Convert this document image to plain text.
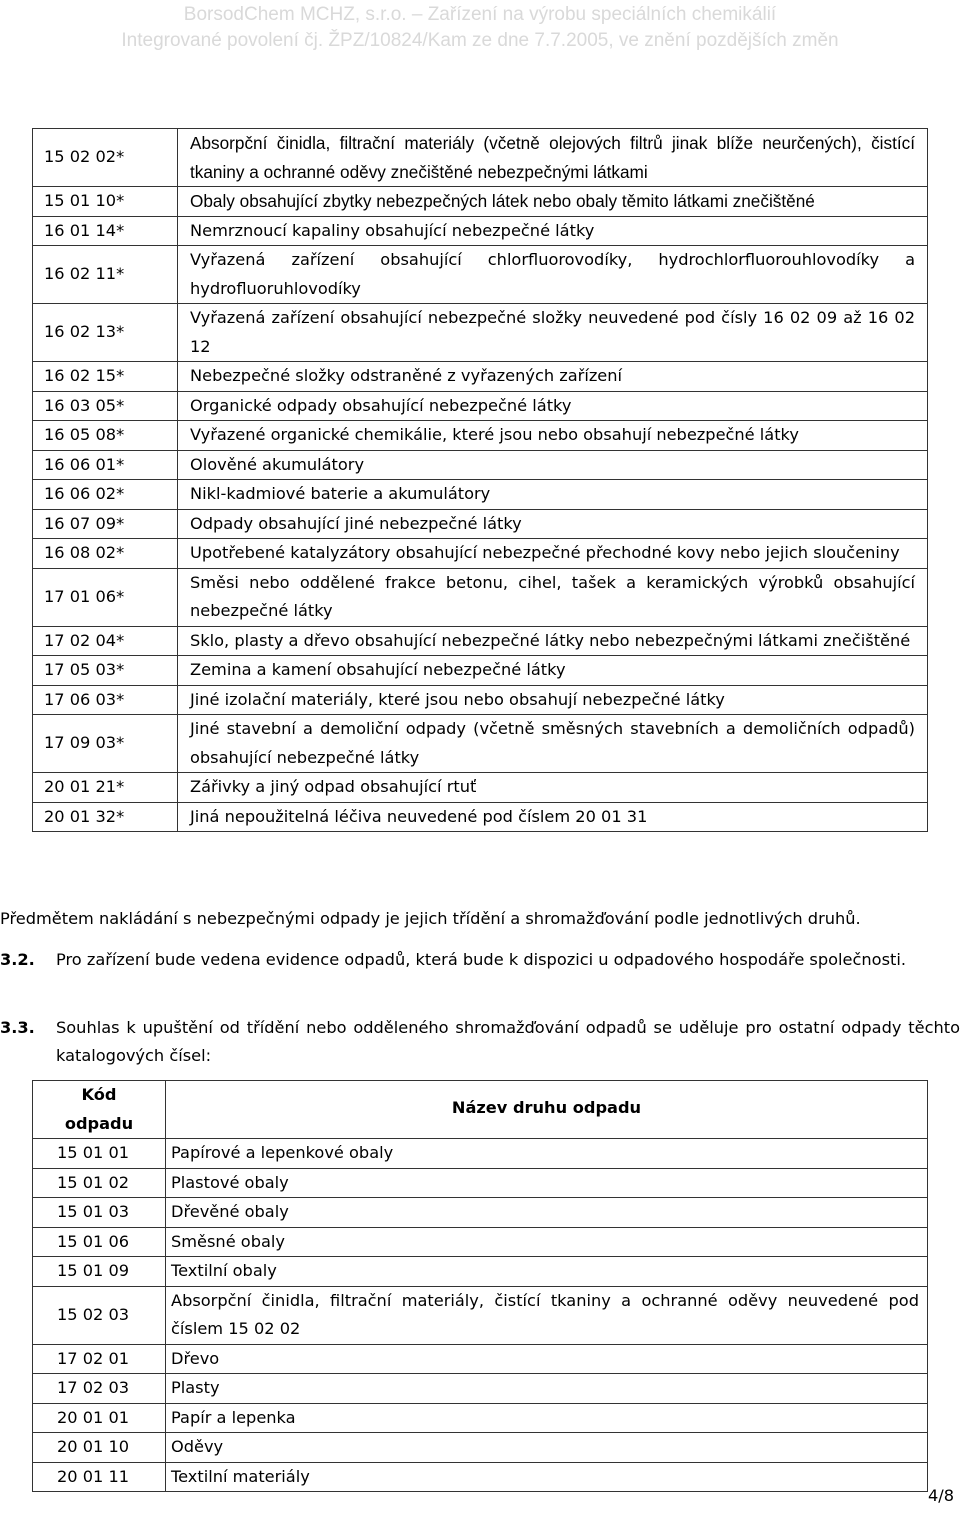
BorsodChem MCHZ, s.r.o. – Zařízení na výrobu speciálních chemikálií
Integrované povolení čj. ŽPZ/10824/Kam ze dne 7.7.2005, ve znění pozdějších změn
15 02 02*	Absorpční činidla, filtrační materiály (včetně olejových filtrů jinak blíže neurčených), čistící tkaniny a ochranné oděvy znečištěné nebezpečnými látkami
15 01 10*	Obaly obsahující zbytky nebezpečných látek nebo obaly těmito látkami znečištěné
16 01 14*	Nemrznoucí kapaliny obsahující nebezpečné látky
16 02 11*	Vyřazená zařízení obsahující chlorfluorovodíky, hydrochlorfluorouhlovodíky a hydrofluoruhlovodíky
16 02 13*	Vyřazená zařízení obsahující nebezpečné složky neuvedené pod čísly 16 02 09 až 16 02 12
16 02 15*	Nebezpečné složky odstraněné z vyřazených zařízení
16 03 05*	Organické odpady obsahující nebezpečné látky
16 05 08*	Vyřazené organické chemikálie, které jsou nebo obsahují nebezpečné látky
16 06 01*	Olověné akumulátory
16 06 02*	Nikl-kadmiové baterie a akumulátory
16 07 09*	Odpady obsahující jiné nebezpečné látky
16 08 02*	Upotřebené katalyzátory obsahující nebezpečné přechodné kovy nebo jejich sloučeniny
17 01 06*	Směsi nebo oddělené frakce betonu, cihel, tašek a keramických výrobků obsahující nebezpečné látky
17 02 04*	Sklo, plasty a dřevo obsahující nebezpečné látky nebo nebezpečnými látkami znečištěné
17 05 03*	Zemina a kamení obsahující nebezpečné látky
17 06 03*	Jiné izolační materiály, které jsou nebo obsahují nebezpečné látky
17 09 03*	Jiné stavební a demoliční odpady (včetně směsných stavebních a demoličních odpadů) obsahující nebezpečné látky
20 01 21*	Zářivky a jiný odpad obsahující rtuť
20 01 32*	Jiná nepoužitelná léčiva neuvedené pod číslem 20 01 31
Předmětem nakládání s nebezpečnými odpady je jejich třídění a shromažďování podle jednotlivých druhů.
3.2. Pro zařízení bude vedena evidence odpadů, která bude k dispozici u odpadového hospodáře společnosti.
3.3. Souhlas k upuštění od třídění nebo odděleného shromažďování odpadů se uděluje pro ostatní odpady těchto katalogových čísel:
Kód
odpadu	Název druhu odpadu
15 01 01	Papírové a lepenkové obaly
15 01 02	Plastové obaly
15 01 03	Dřevěné obaly
15 01 06	Směsné obaly
15 01 09	Textilní obaly
15 02 03	Absorpční činidla, filtrační materiály, čistící tkaniny a ochranné oděvy neuvedené pod číslem 15 02 02
17 02 01	Dřevo
17 02 03	Plasty
20 01 01	Papír a lepenka
20 01 10	Oděvy
20 01 11	Textilní materiály
4/8
